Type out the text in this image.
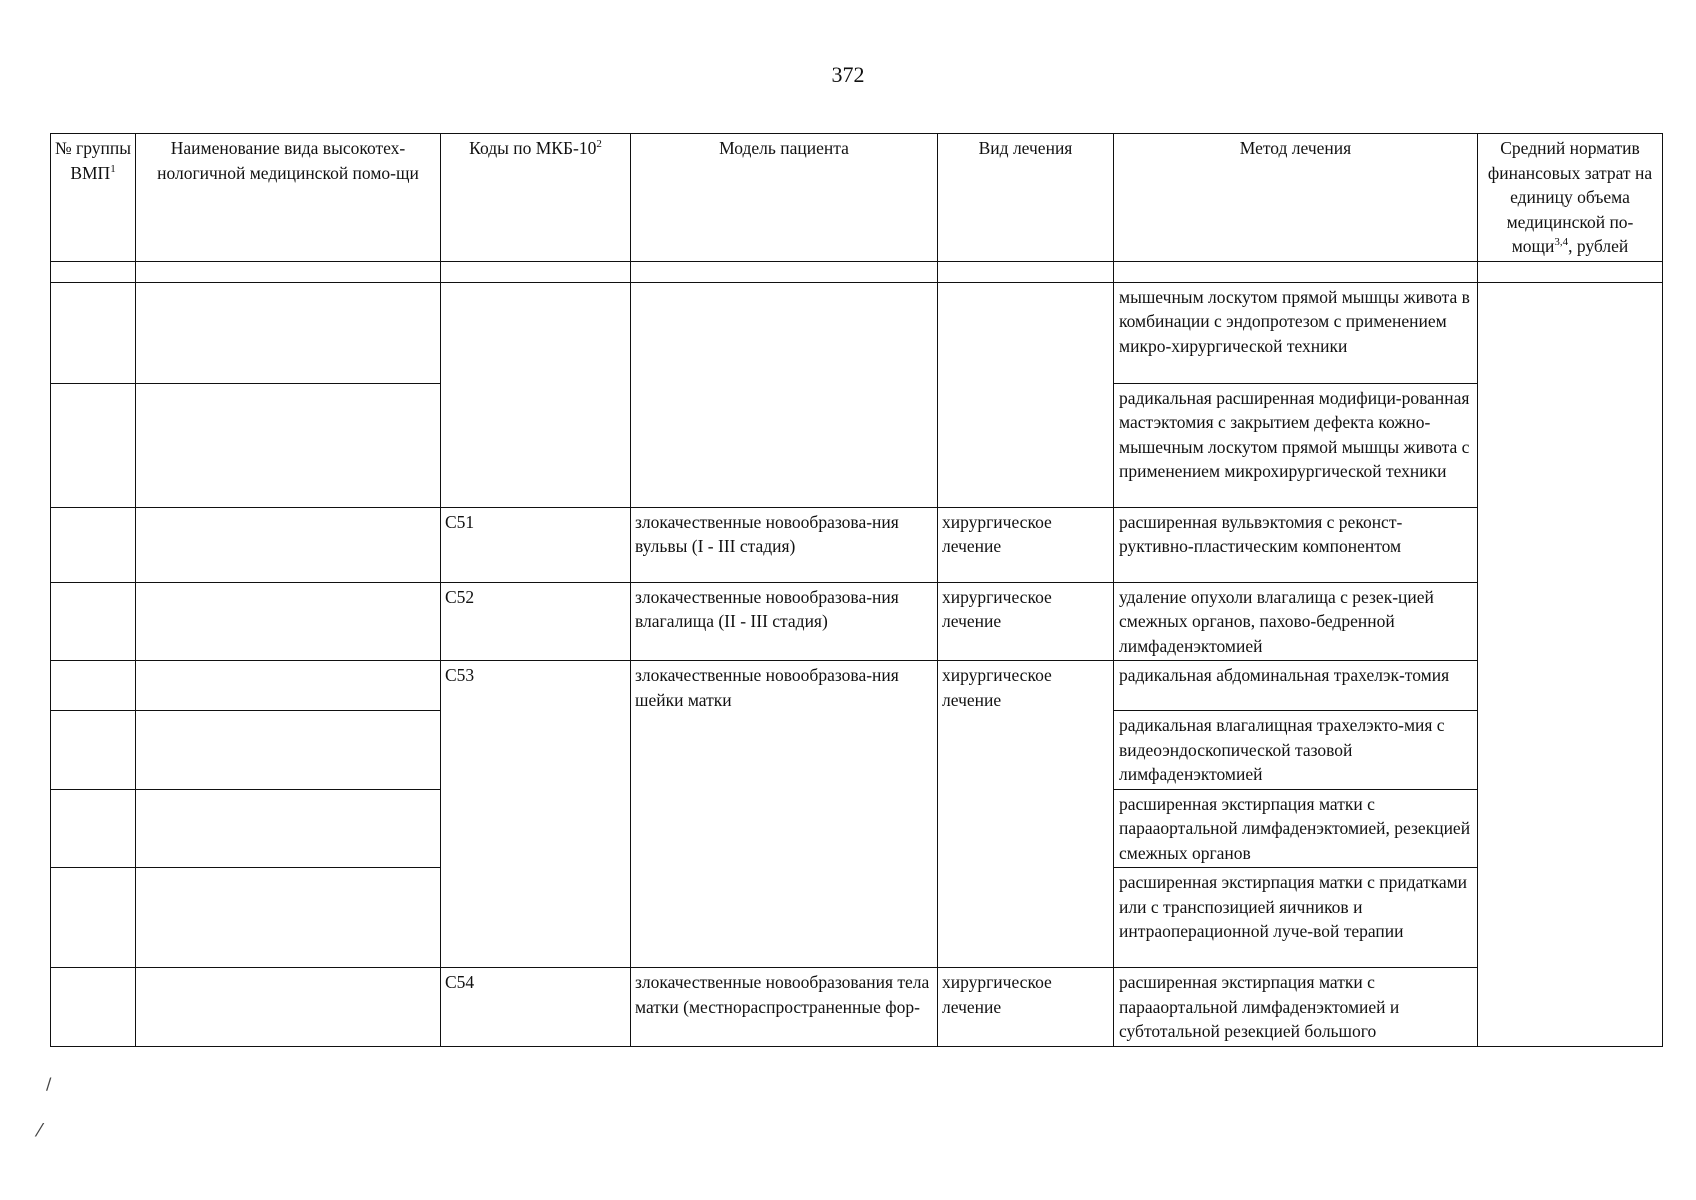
372
№ группы ВМП$^1$	Наименование вида высокотех-нологичной медицинской помо-щи	Коды по МКБ-$10^2$	Модель пациента	Вид лечения	Метод лечения	Средний норматив финансовых затрат на единицу объема медицинской по-мощи$^{3,4}$, рублей

					мышечным лоскутом прямой мышцы живота в комбинации с эндопротезом с применением микро-хирургической техники	
					радикальная расширенная модифици-рованная мастэктомия с закрытием дефекта кожно-мышечным лоскутом прямой мышцы живота с применением микрохирургической техники	
		C51	злокачественные новообразова-ния вульвы (I - III стадия)	хирургическое лечение	расширенная вульвэктомия с реконст-руктивно-пластическим компонентом	
		C52	злокачественные новообразова-ния влагалища (II - III стадия)	хирургическое лечение	удаление опухоли влагалища с резек-цией смежных органов, пахово-бедренной лимфаденэктомией	
		C53	злокачественные новообразова-ния шейки матки	хирургическое лечение	радикальная абдоминальная трахелэк-томия	
					радикальная влагалищная трахелэкто-мия с видеоэндоскопической тазовой лимфаденэктомией	
					расширенная экстирпация матки с парааортальной лимфаденэктомией, резекцией смежных органов	
					расширенная экстирпация матки с придатками или с транспозицией яичников и интраоперационной луче-вой терапии	
		C54	злокачественные новообразования тела матки (местнораспространенные фор-	хирургическое лечение	расширенная экстирпация матки с парааортальной лимфаденэктомией и субтотальной резекцией большого	
/
⁄
